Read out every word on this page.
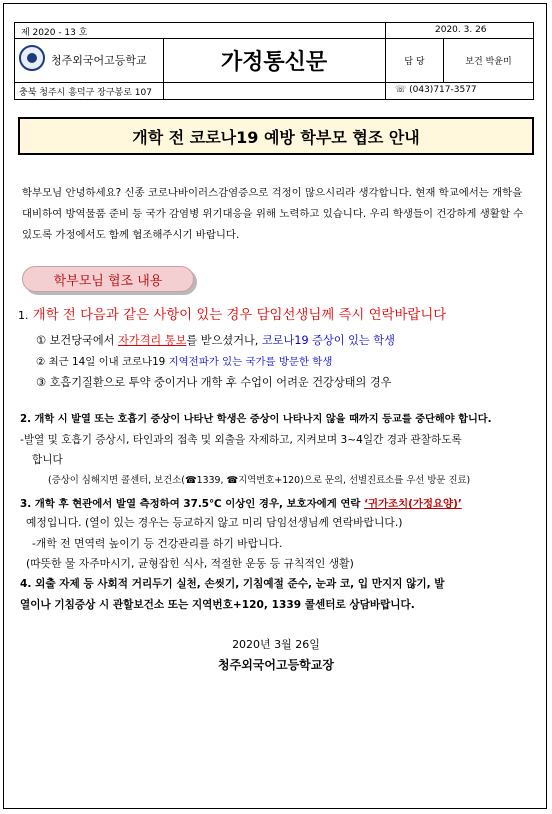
제 2020 - 13 호	2020. 3. 26
청주외국어고등학교	가정통신문	담 당	보건 박윤미
충북 청주시 흥덕구 장구봉로 107	☏ (043)717-3577
개학 전 코로나19 예방 학부모 협조 안내
학부모님 안녕하세요? 신종 코로나바이러스감염증으로 걱정이 많으시리라 생각합니다. 현재 학교에서는 개학을 대비하여 방역물품 준비 등 국가 감염병 위기대응을 위해 노력하고 있습니다. 우리 학생들이 건강하게 생활할 수 있도록 가정에서도 함께 협조해주시기 바랍니다.
학부모님 협조 내용
1. 개학 전 다음과 같은 사항이 있는 경우 담임선생님께 즉시 연락바랍니다
① 보건당국에서 자가격리 통보를 받으셨거나, 코로나19 증상이 있는 학생
② 최근 14일 이내 코로나19 지역전파가 있는 국가를 방문한 학생
③ 호흡기질환으로 투약 중이거나 개학 후 수업이 어려운 건강상태의 경우
2. 개학 시 발열 또는 호흡기 증상이 나타난 학생은 증상이 나타나지 않을 때까지 등교를 중단해야 합니다.
-발열 및 호흡기 증상시, 타인과의 접촉 및 외출을 자제하고, 지켜보며 3~4일간 경과 관찰하도록
합니다
(증상이 심해지면 콜센터, 보건소(☎1339, ☎지역번호+120)으로 문의, 선별진료소를 우선 방문 진료)
3. 개학 후 현관에서 발열 측정하여 37.5℃ 이상인 경우, 보호자에게 연락 ‘귀가조치(가정요양)’
예정입니다. (열이 있는 경우는 등교하지 않고 미리 담임선생님께 연락바랍니다.)
-개학 전 면역력 높이기 등 건강관리를 하기 바랍니다.
(따뜻한 물 자주마시기, 균형잡힌 식사, 적절한 운동 등 규칙적인 생활)
4. 외출 자제 등 사회적 거리두기 실천, 손씻기, 기침예절 준수, 눈과 코, 입 만지지 않기, 발
열이나 기침증상 시 관할보건소 또는 지역번호+120, 1339 콜센터로 상담바랍니다.
2020년 3월 26일
청주외국어고등학교장
